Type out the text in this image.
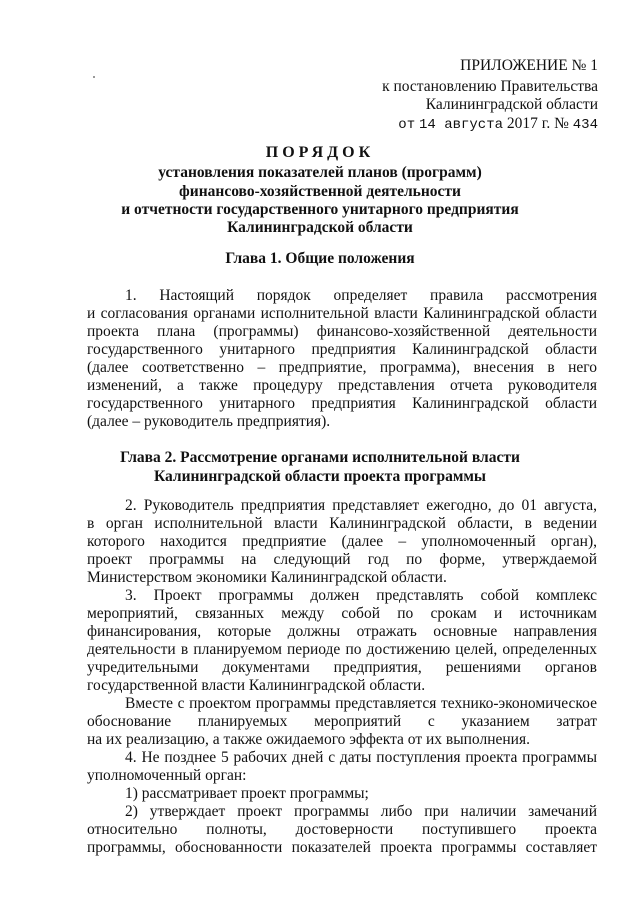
ПРИЛОЖЕНИЕ № 1

к постановлению Правительства

Калининградской области

от 14 августа 2017 г. № 434

ПОРЯДОК

установления показателей планов (программ)

финансово-хозяйственной деятельности

и отчетности государственного унитарного предприятия

Калининградской области

Глава 1. Общие положения

1. Настоящий порядок определяет правила рассмотрения

и согласования органами исполнительной власти Калининградской области

проекта плана (программы) финансово-хозяйственной деятельности

государственного унитарного предприятия Калининградской области

(далее соответственно – предприятие, программа), внесения в него

изменений, а также процедуру представления отчета руководителя

государственного унитарного предприятия Калининградской области

(далее – руководитель предприятия).

Глава 2. Рассмотрение органами исполнительной власти

Калининградской области проекта программы

2. Руководитель предприятия представляет ежегодно, до 01 августа,

в орган исполнительной власти Калининградской области, в ведении

которого находится предприятие (далее – уполномоченный орган),

проект программы на следующий год по форме, утверждаемой

Министерством экономики Калининградской области.

3. Проект программы должен представлять собой комплекс

мероприятий, связанных между собой по срокам и источникам

финансирования, которые должны отражать основные направления

деятельности в планируемом периоде по достижению целей, определенных

учредительными документами предприятия, решениями органов

государственной власти Калининградской области.

Вместе с проектом программы представляется технико-экономическое

обоснование планируемых мероприятий с указанием затрат

на их реализацию, а также ожидаемого эффекта от их выполнения.

4. Не позднее 5 рабочих дней с даты поступления проекта программы

уполномоченный орган:

1) рассматривает проект программы;

2) утверждает проект программы либо при наличии замечаний

относительно полноты, достоверности поступившего проекта

программы, обоснованности показателей проекта программы составляет
